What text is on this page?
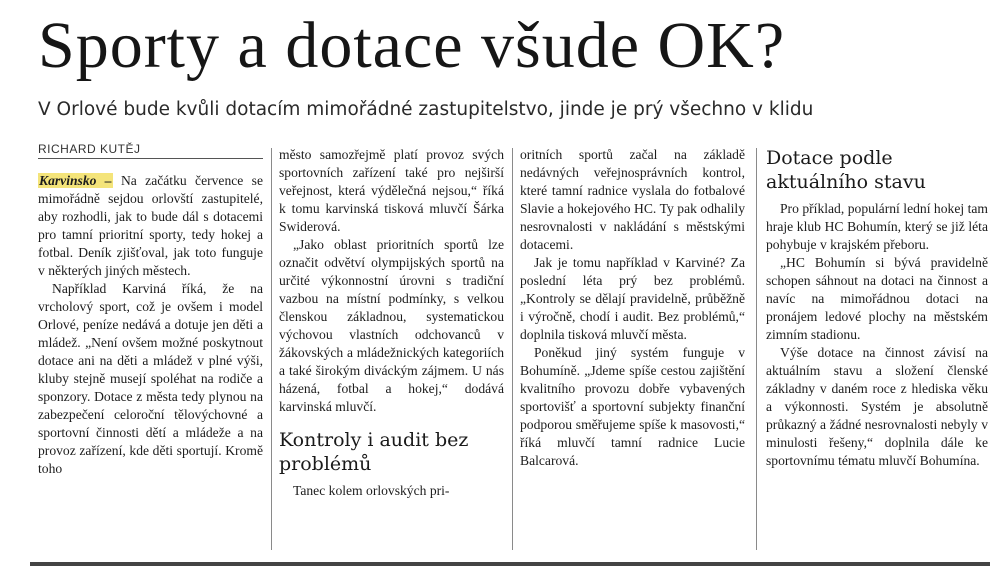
Sporty a dotace všude OK?

V Orlové bude kvůli dotacím mimořádné zastupitelstvo, jinde je prý všechno v klidu

RICHARD KUTĚJ

Karvinsko – Na začátku července se mimořádně sejdou orlovští zastupitelé, aby rozhodli, jak to bude dál s dotacemi pro tamní prioritní sporty, tedy hokej a fotbal. Deník zjišťoval, jak toto funguje v některých jiných městech.

Například Karviná říká, že na vrcholový sport, což je ovšem i model Orlové, peníze nedává a dotuje jen děti a mládež. „Není ovšem možné poskytnout dotace ani na děti a mládež v plné výši, kluby stejně musejí spoléhat na rodiče a sponzory. Dotace z města tedy plynou na zabezpečení celoroční tělovýchovné a sportovní činnosti dětí a mládeže a na provoz zařízení, kde děti sportují. Kromě toho

město samozřejmě platí provoz svých sportovních zařízení také pro nejširší veřejnost, která výdělečná nejsou,“ říká k tomu karvinská tisková mluvčí Šárka Swiderová.

„Jako oblast prioritních sportů lze označit odvětví olympijských sportů na určité výkonnostní úrovni s tradiční vazbou na místní podmínky, s velkou členskou základnou, systematickou výchovou vlastních odchovanců v žákovských a mládežnických kategoriích a také širokým diváckým zájmem. U nás házená, fotbal a hokej,“ dodává karvinská mluvčí.

Kontroly i audit bez problémů

Tanec kolem orlovských pri-

oritních sportů začal na základě nedávných veřejnosprávních kontrol, které tamní radnice vyslala do fotbalové Slavie a hokejového HC. Ty pak odhalily nesrovnalosti v nakládání s městskými dotacemi.

Jak je tomu například v Karviné? Za poslední léta prý bez problémů. „Kontroly se dělají pravidelně, průběžně i výročně, chodí i audit. Bez problémů,“ doplnila tisková mluvčí města.

Poněkud jiný systém funguje v Bohumíně. „Jdeme spíše cestou zajištění kvalitního provozu dobře vybavených sportovišť a sportovní subjekty finanční podporou směřujeme spíše k masovosti,“ říká mluvčí tamní radnice Lucie Balcarová.

Dotace podle aktuálního stavu

Pro příklad, populární lední hokej tam hraje klub HC Bohumín, který se již léta pohybuje v krajském přeboru.

„HC Bohumín si bývá pravidelně schopen sáhnout na dotaci na činnost a navíc na mimořádnou dotaci na pronájem ledové plochy na městském zimním stadionu.

Výše dotace na činnost závisí na aktuálním stavu a složení členské základny v daném roce z hlediska věku a výkonnosti. Systém je absolutně průkazný a žádné nesrovnalosti nebyly v minulosti řešeny,“ doplnila dále ke sportovnímu tématu mluvčí Bohumína.
